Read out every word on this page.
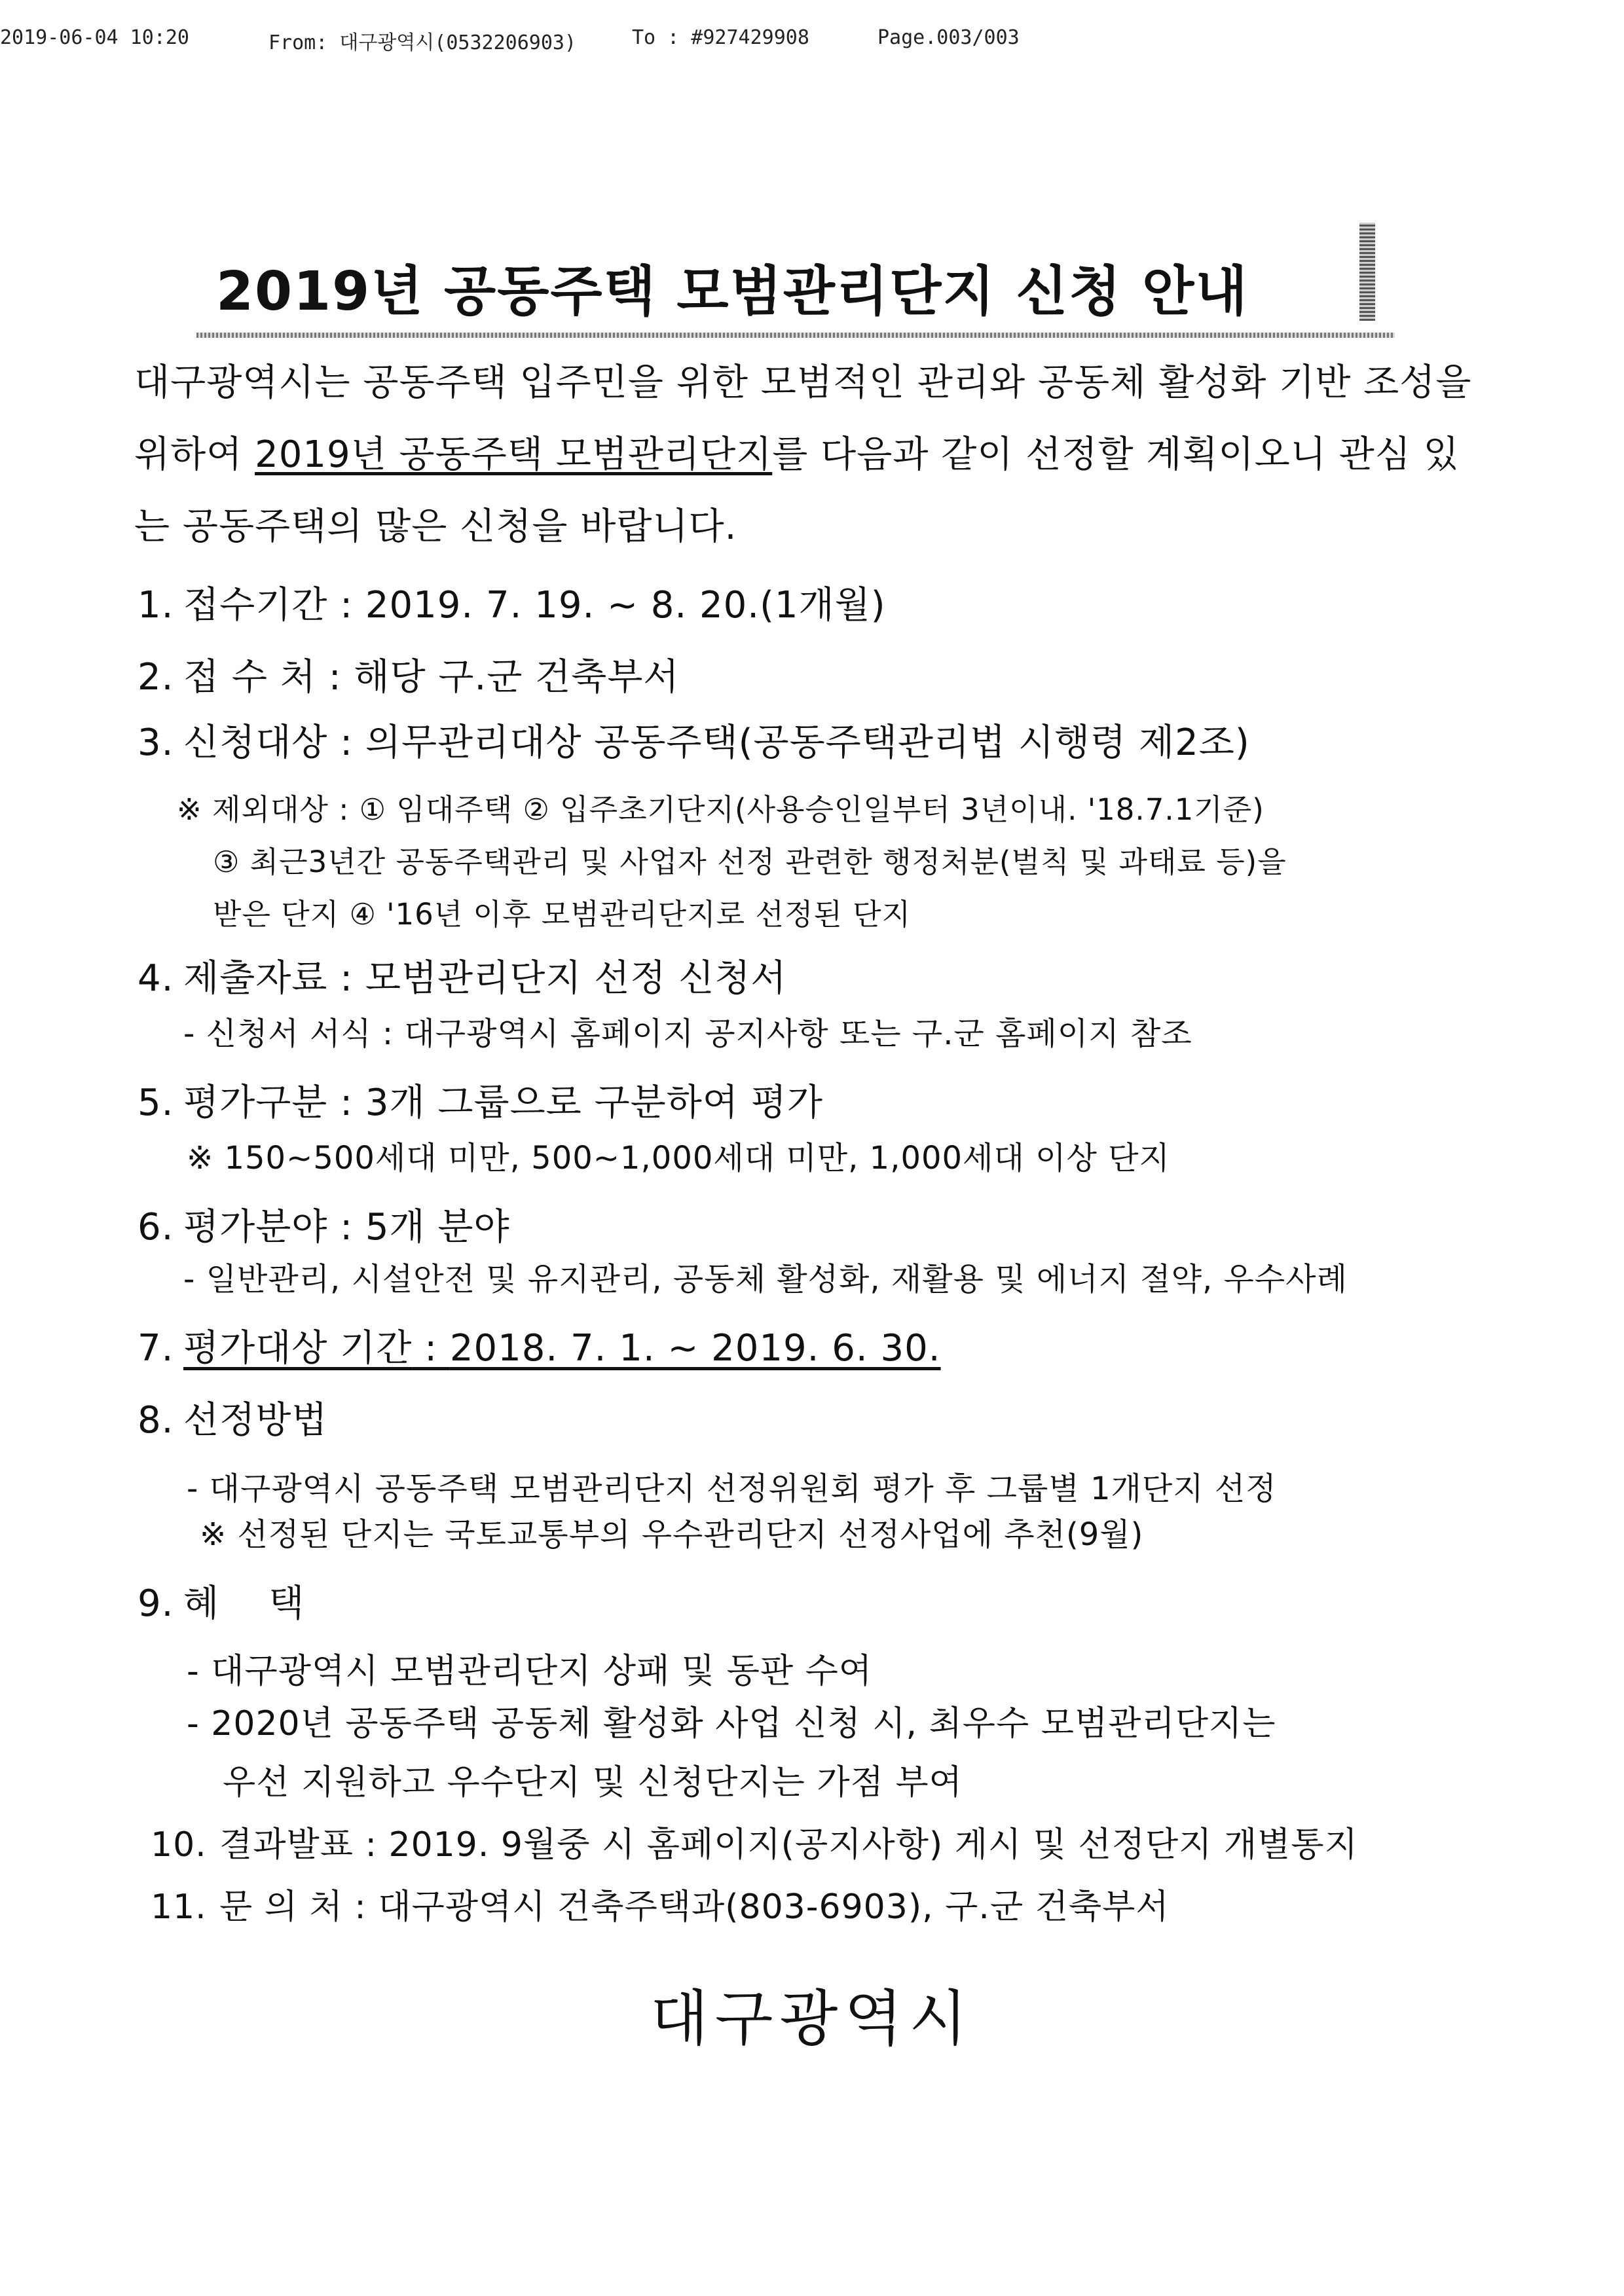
2019-06-04 10:20	From: 대구광역시(0532206903)	To : #927429908	Page.003/003
2019년 공동주택 모범관리단지 신청 안내
대구광역시는 공동주택 입주민을 위한 모범적인 관리와 공동체 활성화 기반 조성을 위하여 2019년 공동주택 모범관리단지를 다음과 같이 선정할 계획이오니 관심 있는 공동주택의 많은 신청을 바랍니다.
1. 접수기간 : 2019. 7. 19. ~ 8. 20.(1개월)
2. 접 수 처 : 해당 구.군 건축부서
3. 신청대상 : 의무관리대상 공동주택(공동주택관리법 시행령 제2조)
※ 제외대상 : ① 임대주택 ② 입주초기단지(사용승인일부터 3년이내. '18.7.1기준)
③ 최근3년간 공동주택관리 및 사업자 선정 관련한 행정처분(벌칙 및 과태료 등)을
받은 단지 ④ '16년 이후 모범관리단지로 선정된 단지
4. 제출자료 : 모범관리단지 선정 신청서
- 신청서 서식 : 대구광역시 홈페이지 공지사항 또는 구.군 홈페이지 참조
5. 평가구분 : 3개 그룹으로 구분하여 평가
※ 150~500세대 미만, 500~1,000세대 미만, 1,000세대 이상 단지
6. 평가분야 : 5개 분야
- 일반관리, 시설안전 및 유지관리, 공동체 활성화, 재활용 및 에너지 절약, 우수사례
7. 평가대상 기간 : 2018. 7. 1. ~ 2019. 6. 30.
8. 선정방법
- 대구광역시 공동주택 모범관리단지 선정위원회 평가 후 그룹별 1개단지 선정
※ 선정된 단지는 국토교통부의 우수관리단지 선정사업에 추천(9월)
9. 혜    택
- 대구광역시 모범관리단지 상패 및 동판 수여
- 2020년 공동주택 공동체 활성화 사업 신청 시, 최우수 모범관리단지는
우선 지원하고 우수단지 및 신청단지는 가점 부여
10. 결과발표 : 2019. 9월중 시 홈페이지(공지사항) 게시 및 선정단지 개별통지
11. 문 의 처 : 대구광역시 건축주택과(803-6903), 구.군 건축부서
대구광역시
